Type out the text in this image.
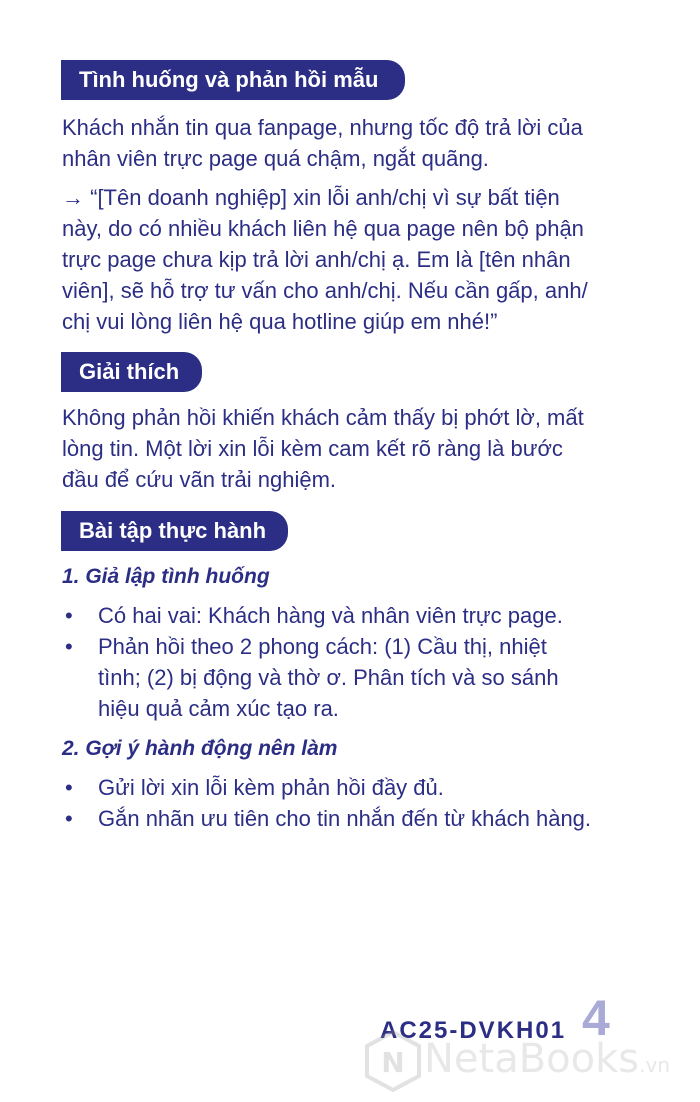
Tình huống và phản hồi mẫu
Khách nhắn tin qua fanpage, nhưng tốc độ trả lời của
nhân viên trực page quá chậm, ngắt quãng.
→ “[Tên doanh nghiệp] xin lỗi anh/chị vì sự bất tiện
này, do có nhiều khách liên hệ qua page nên bộ phận
trực page chưa kịp trả lời anh/chị ạ. Em là [tên nhân
viên], sẽ hỗ trợ tư vấn cho anh/chị. Nếu cần gấp, anh/
chị vui lòng liên hệ qua hotline giúp em nhé!”
Giải thích
Không phản hồi khiến khách cảm thấy bị phớt lờ, mất
lòng tin. Một lời xin lỗi kèm cam kết rõ ràng là bước
đầu để cứu vãn trải nghiệm.
Bài tập thực hành
1. Giả lập tình huống
• Có hai vai: Khách hàng và nhân viên trực page.
• Phản hồi theo 2 phong cách: (1) Cầu thị, nhiệt
tình; (2) bị động và thờ ơ. Phân tích và so sánh
hiệu quả cảm xúc tạo ra.
2. Gợi ý hành động nên làm
• Gửi lời xin lỗi kèm phản hồi đầy đủ.
• Gắn nhãn ưu tiên cho tin nhắn đến từ khách hàng.
AC25-DVKH01 4
N NetaBooks.vn
